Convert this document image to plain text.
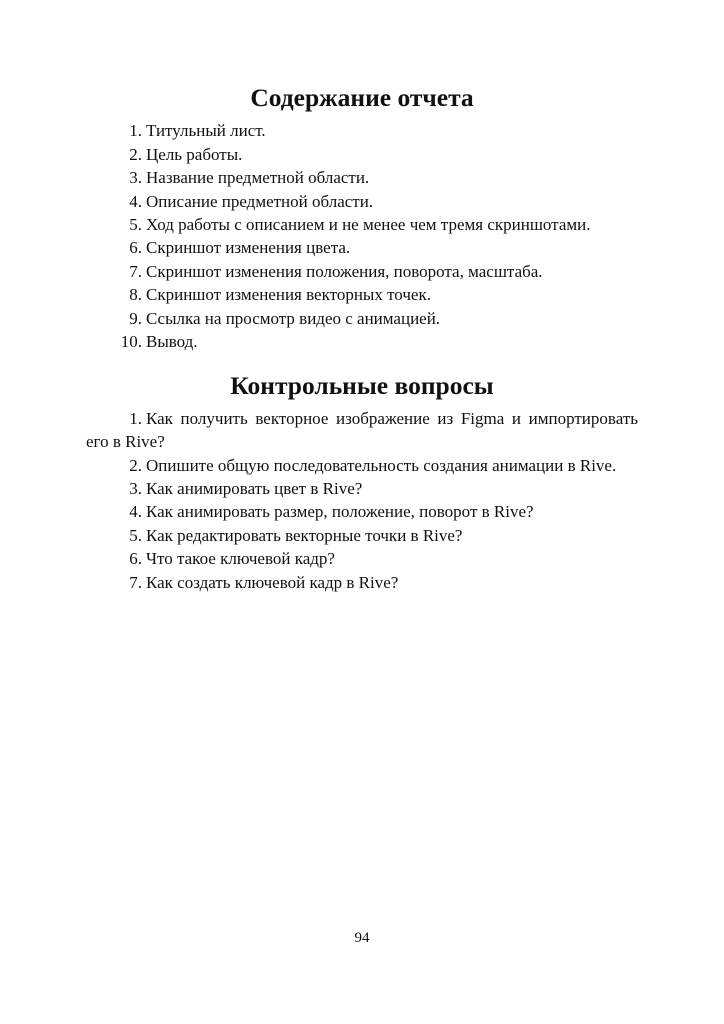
Содержание отчета
1. Титульный лист.
2. Цель работы.
3. Название предметной области.
4. Описание предметной области.
5. Ход работы с описанием и не менее чем тремя скриншотами.
6. Скриншот изменения цвета.
7. Скриншот изменения положения, поворота, масштаба.
8. Скриншот изменения векторных точек.
9. Ссылка на просмотр видео с анимацией.
10. Вывод.
Контрольные вопросы
1. Как получить векторное изображение из Figma и импортировать его в Rive?
2. Опишите общую последовательность создания анимации в Rive.
3. Как анимировать цвет в Rive?
4. Как анимировать размер, положение, поворот в Rive?
5. Как редактировать векторные точки в Rive?
6. Что такое ключевой кадр?
7. Как создать ключевой кадр в Rive?
94
